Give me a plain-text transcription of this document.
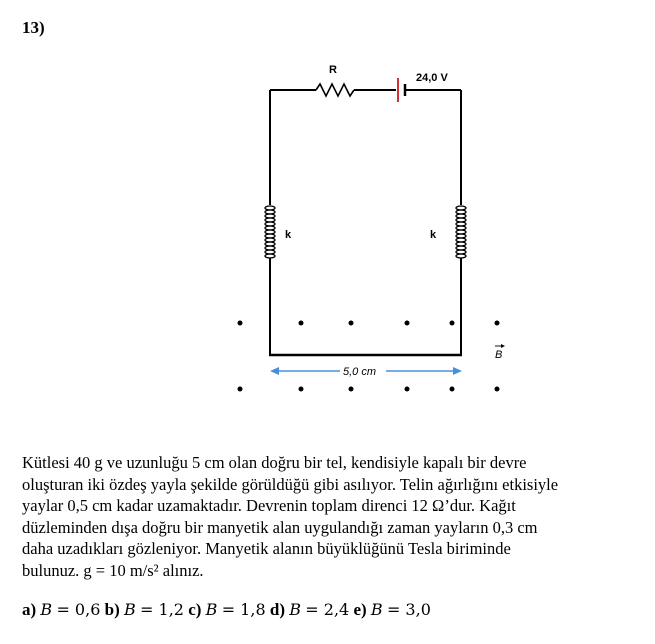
13)
R
24,0 V
k	k
5,0 cm
B
Kütlesi 40 g ve uzunluğu 5 cm olan doğru bir tel, kendisiyle kapalı bir devre
oluşturan iki özdeş yayla şekilde görüldüğü gibi asılıyor. Telin ağırlığını etkisiyle
yaylar 0,5 cm kadar uzamaktadır. Devrenin toplam direnci 12 Ω’dur. Kağıt
düzleminden dışa doğru bir manyetik alan uygulandığı zaman yayların 0,3 cm
daha uzadıkları gözleniyor. Manyetik alanın büyüklüğünü Tesla biriminde
bulunuz. g = 10 m/s² alınız.
a) B = 0,6 b) B = 1,2 c) B = 1,8 d) B = 2,4 e) B = 3,0
